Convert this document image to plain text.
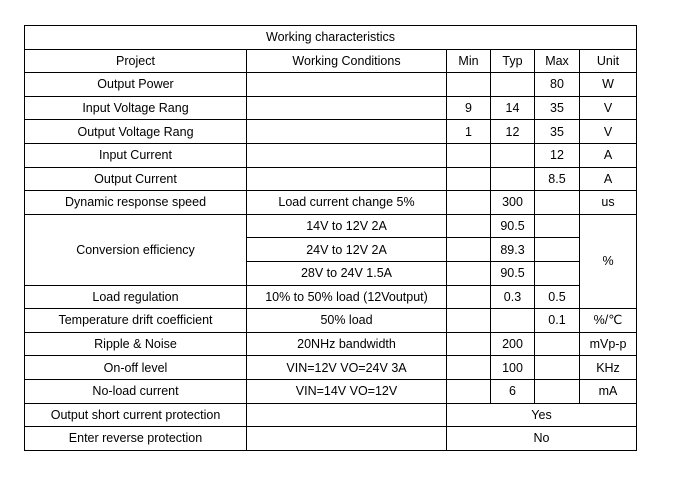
Working characteristics					
Project	Working Conditions	Min	Typ	Max	Unit
Output Power				80	W
Input Voltage Rang		9	14	35	V
Output Voltage Rang		1	12	35	V
Input Current				12	A
Output Current				8.5	A
Dynamic response speed	Load current change 5%		300		us
Conversion efficiency	14V to 12V 2A		90.5		%
	24V to 12V 2A		89.3		
	28V to 24V 1.5A		90.5		
Load regulation	10% to 50% load (12Voutput)		0.3	0.5	
Temperature drift coefficient	50% load			0.1	%/℃
Ripple & Noise	20NHz bandwidth		200		mVp-p
On-off level	VIN=12V VO=24V 3A		100		KHz
No-load current	VIN=14V VO=12V		6		mA
Output short current protection		Yes			
Enter reverse protection		No			
